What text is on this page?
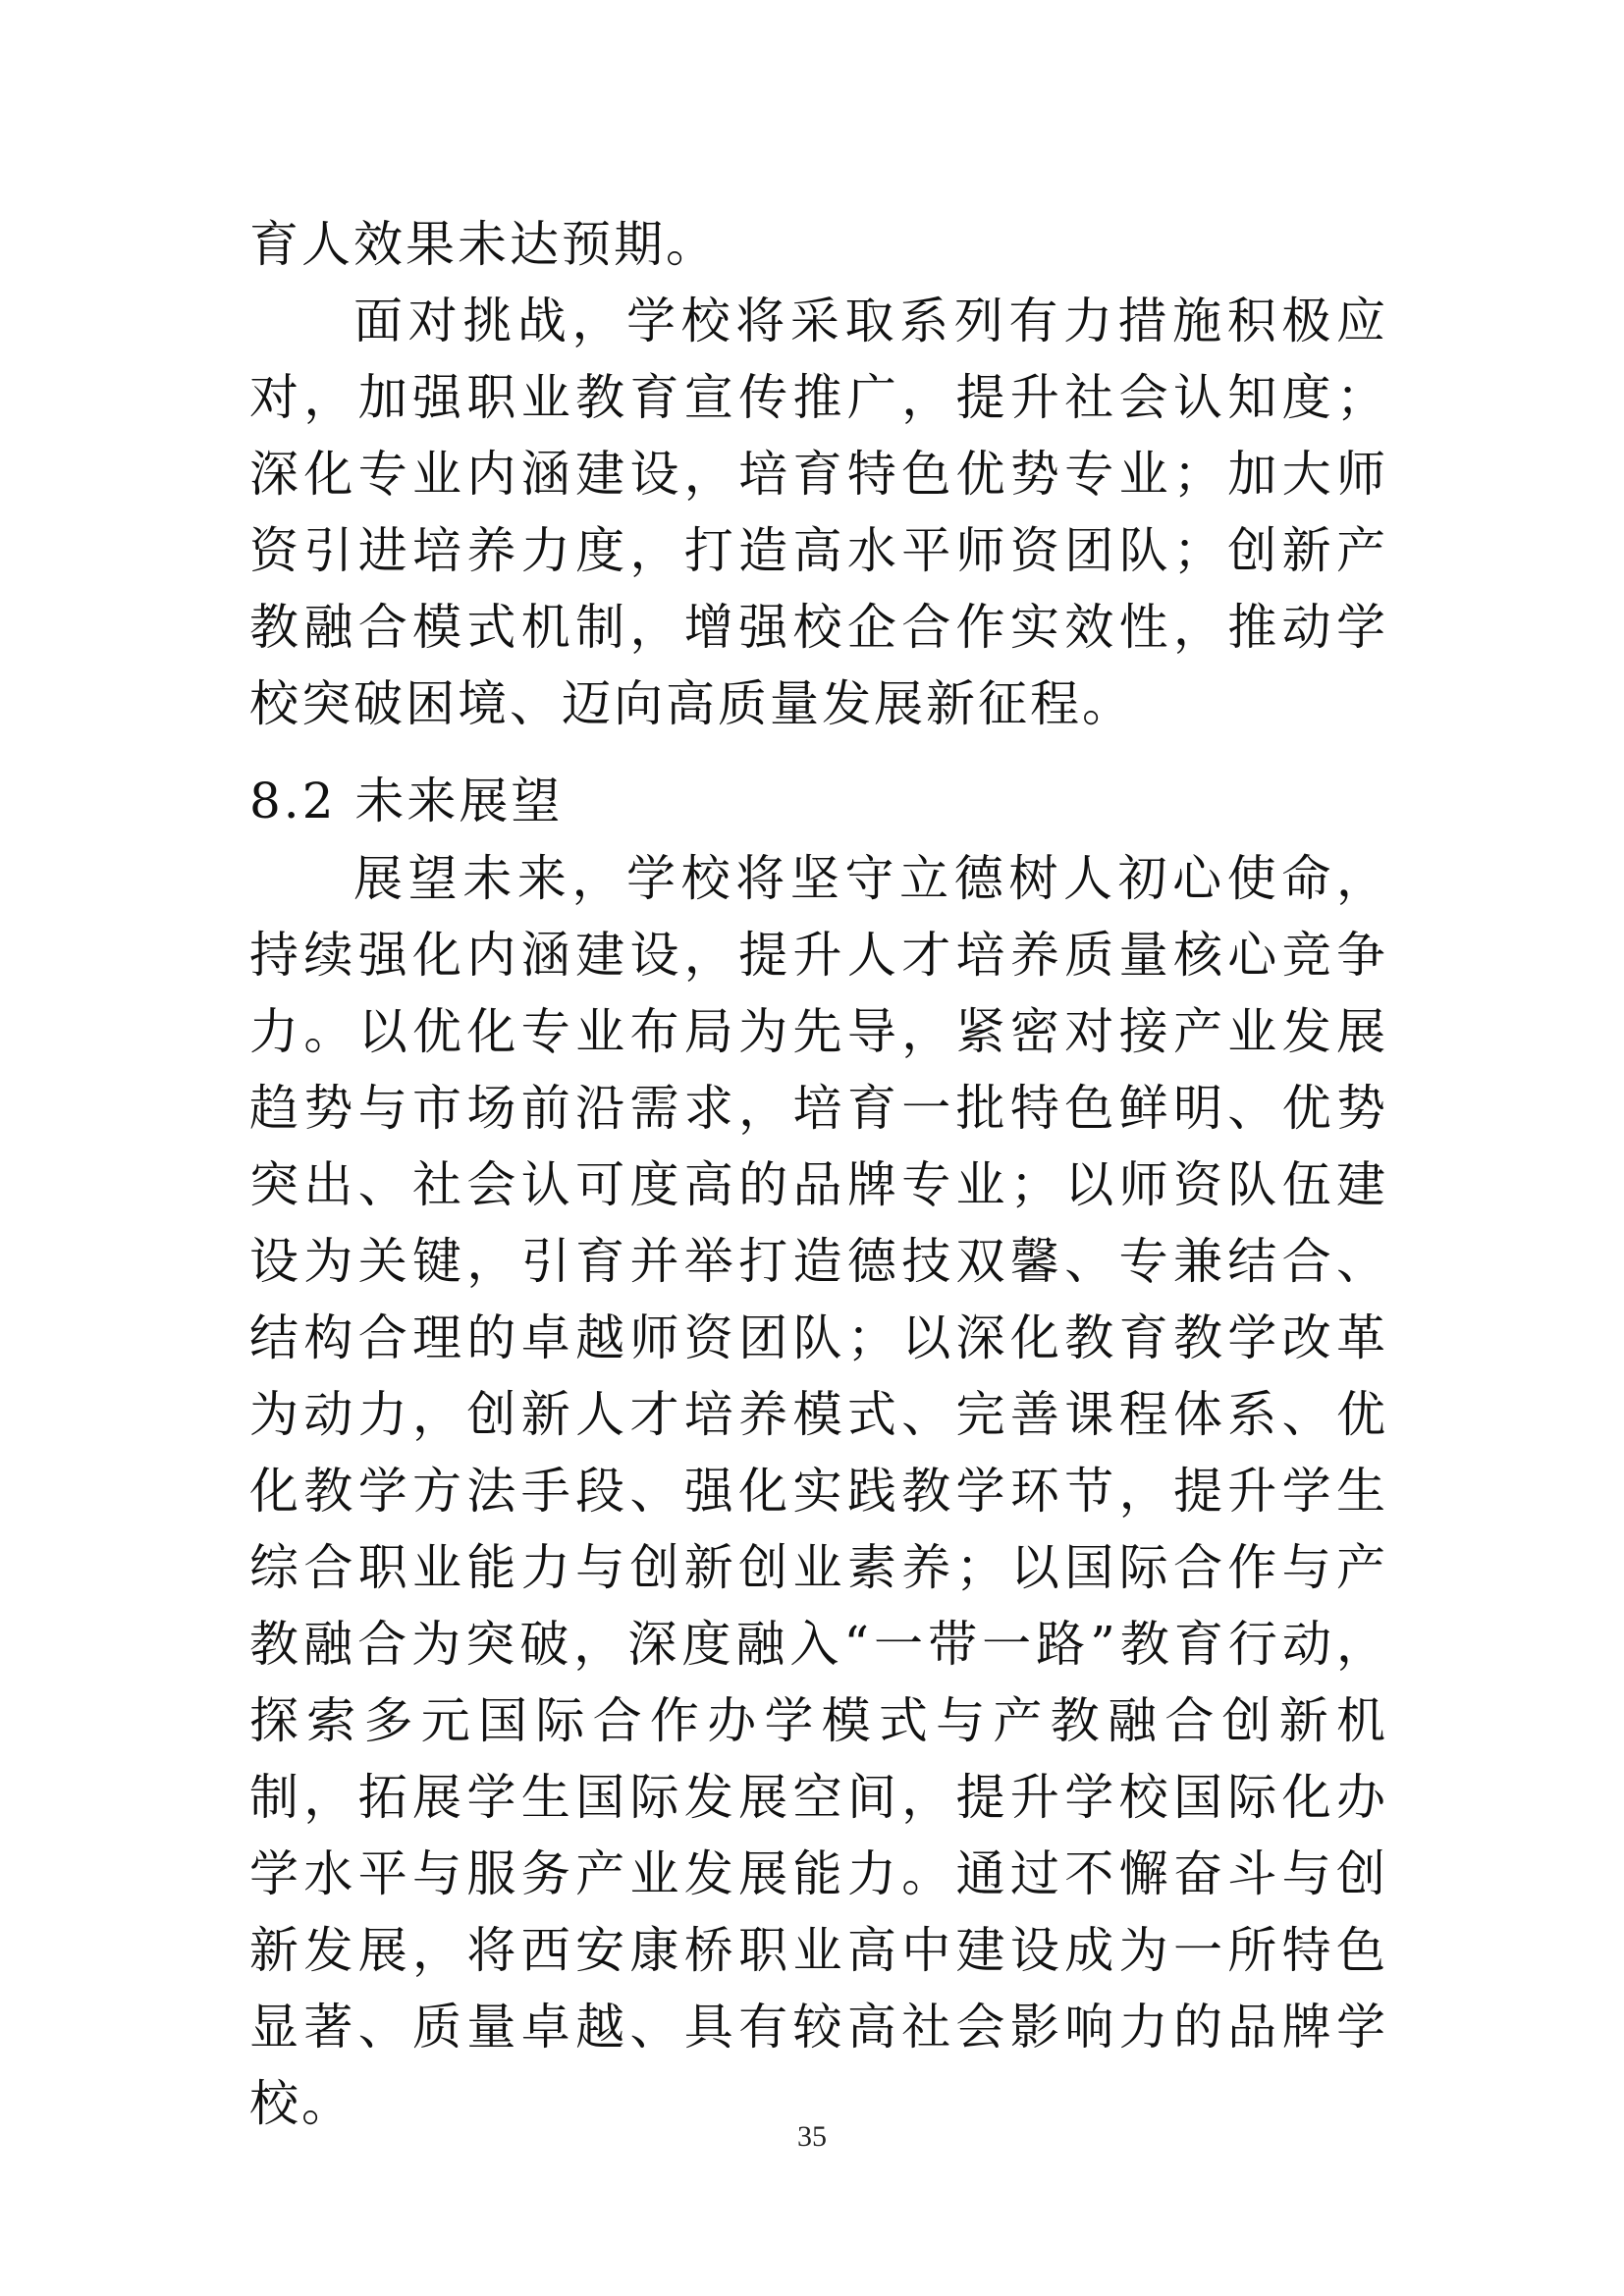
育人效果未达预期。

面对挑战，学校将采取系列有力措施积极应对，加强职业教育宣传推广，提升社会认知度；深化专业内涵建设，培育特色优势专业；加大师资引进培养力度，打造高水平师资团队；创新产教融合模式机制，增强校企合作实效性，推动学校突破困境、迈向高质量发展新征程。

8.2 未来展望

展望未来，学校将坚守立德树人初心使命，持续强化内涵建设，提升人才培养质量核心竞争力。以优化专业布局为先导，紧密对接产业发展趋势与市场前沿需求，培育一批特色鲜明、优势突出、社会认可度高的品牌专业；以师资队伍建设为关键，引育并举打造德技双馨、专兼结合、结构合理的卓越师资团队；以深化教育教学改革为动力，创新人才培养模式、完善课程体系、优化教学方法手段、强化实践教学环节，提升学生综合职业能力与创新创业素养；以国际合作与产教融合为突破，深度融入“一带一路”教育行动，探索多元国际合作办学模式与产教融合创新机制，拓展学生国际发展空间，提升学校国际化办学水平与服务产业发展能力。通过不懈奋斗与创新发展，将西安康桥职业高中建设成为一所特色显著、质量卓越、具有较高社会影响力的品牌学校。

35
